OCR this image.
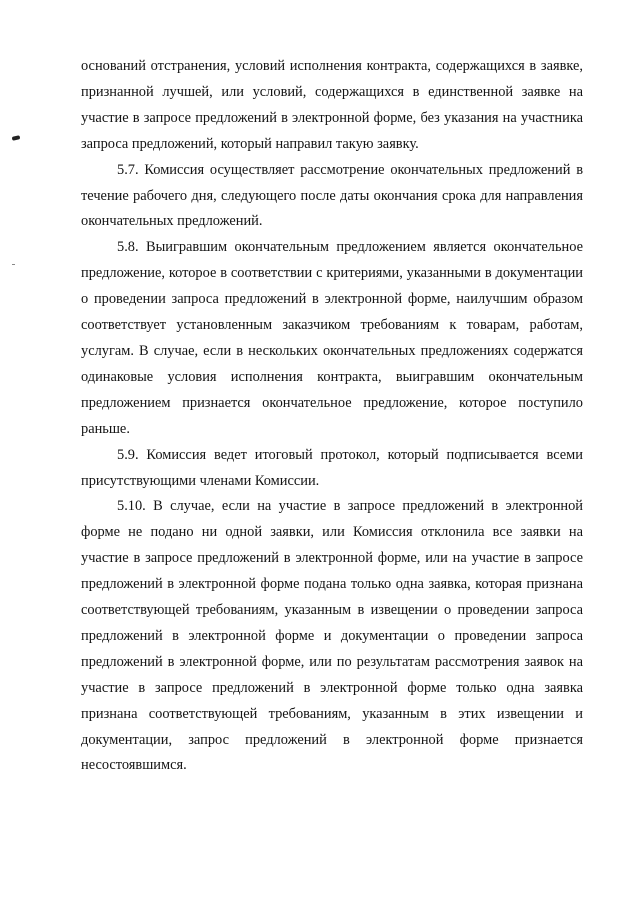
оснований отстранения, условий исполнения контракта, содержащихся в заявке, признанной лучшей, или условий, содержащихся в единственной заявке на участие в запросе предложений в электронной форме, без указания на участника запроса предложений, который направил такую заявку.

5.7. Комиссия осуществляет рассмотрение окончательных предложений в течение рабочего дня, следующего после даты окончания срока для направления окончательных предложений.

5.8. Выигравшим окончательным предложением является окончательное предложение, которое в соответствии с критериями, указанными в документации о проведении запроса предложений в электронной форме, наилучшим образом соответствует установленным заказчиком требованиям к товарам, работам, услугам. В случае, если в нескольких окончательных предложениях содержатся одинаковые условия исполнения контракта, выигравшим окончательным предложением признается окончательное предложение, которое поступило раньше.

5.9. Комиссия ведет итоговый протокол, который подписывается всеми присутствующими членами Комиссии.

5.10. В случае, если на участие в запросе предложений в электронной форме не подано ни одной заявки, или Комиссия отклонила все заявки на участие в запросе предложений в электронной форме, или на участие в запросе предложений в электронной форме подана только одна заявка, которая признана соответствующей требованиям, указанным в извещении о проведении запроса предложений в электронной форме и документации о проведении запроса предложений в электронной форме, или по результатам рассмотрения заявок на участие в запросе предложений в электронной форме только одна заявка признана соответствующей требованиям, указанным в этих извещении и документации, запрос предложений в электронной форме признается несостоявшимся.
